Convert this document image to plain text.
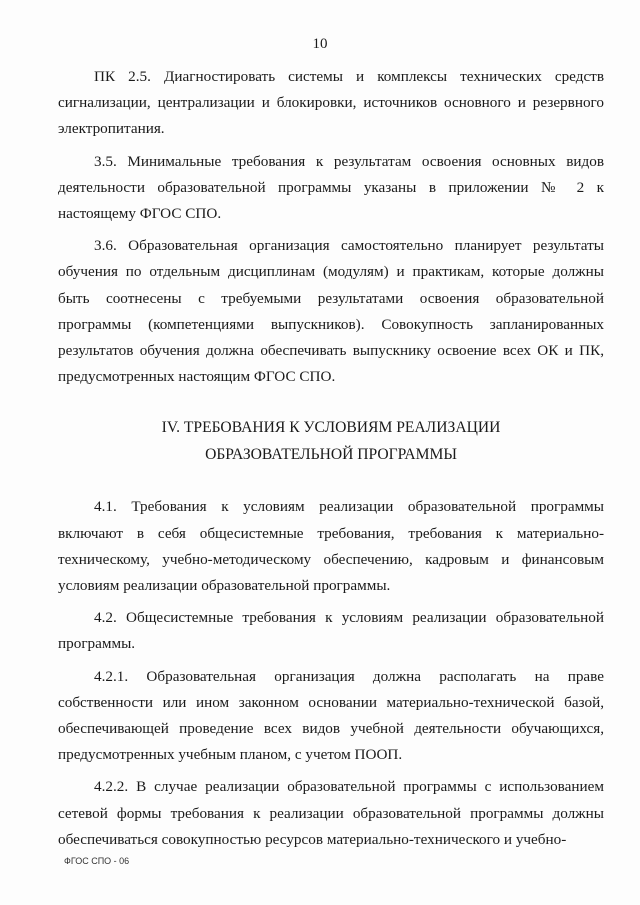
10

ПК 2.5. Диагностировать системы и комплексы технических средств сигнализации, централизации и блокировки, источников основного и резервного электропитания.

3.5. Минимальные требования к результатам освоения основных видов деятельности образовательной программы указаны в приложении № 2 к настоящему ФГОС СПО.

3.6. Образовательная организация самостоятельно планирует результаты обучения по отдельным дисциплинам (модулям) и практикам, которые должны быть соотнесены с требуемыми результатами освоения образовательной программы (компетенциями выпускников). Совокупность запланированных результатов обучения должна обеспечивать выпускнику освоение всех ОК и ПК, предусмотренных настоящим ФГОС СПО.

IV. ТРЕБОВАНИЯ К УСЛОВИЯМ РЕАЛИЗАЦИИ
ОБРАЗОВАТЕЛЬНОЙ ПРОГРАММЫ

4.1. Требования к условиям реализации образовательной программы включают в себя общесистемные требования, требования к материально-техническому, учебно-методическому обеспечению, кадровым и финансовым условиям реализации образовательной программы.

4.2. Общесистемные требования к условиям реализации образовательной программы.

4.2.1. Образовательная организация должна располагать на праве собственности или ином законном основании материально-технической базой, обеспечивающей проведение всех видов учебной деятельности обучающихся, предусмотренных учебным планом, с учетом ПООП.

4.2.2. В случае реализации образовательной программы с использованием сетевой формы требования к реализации образовательной программы должны обеспечиваться совокупностью ресурсов материально-технического и учебно-

ФГОС СПО - 06
